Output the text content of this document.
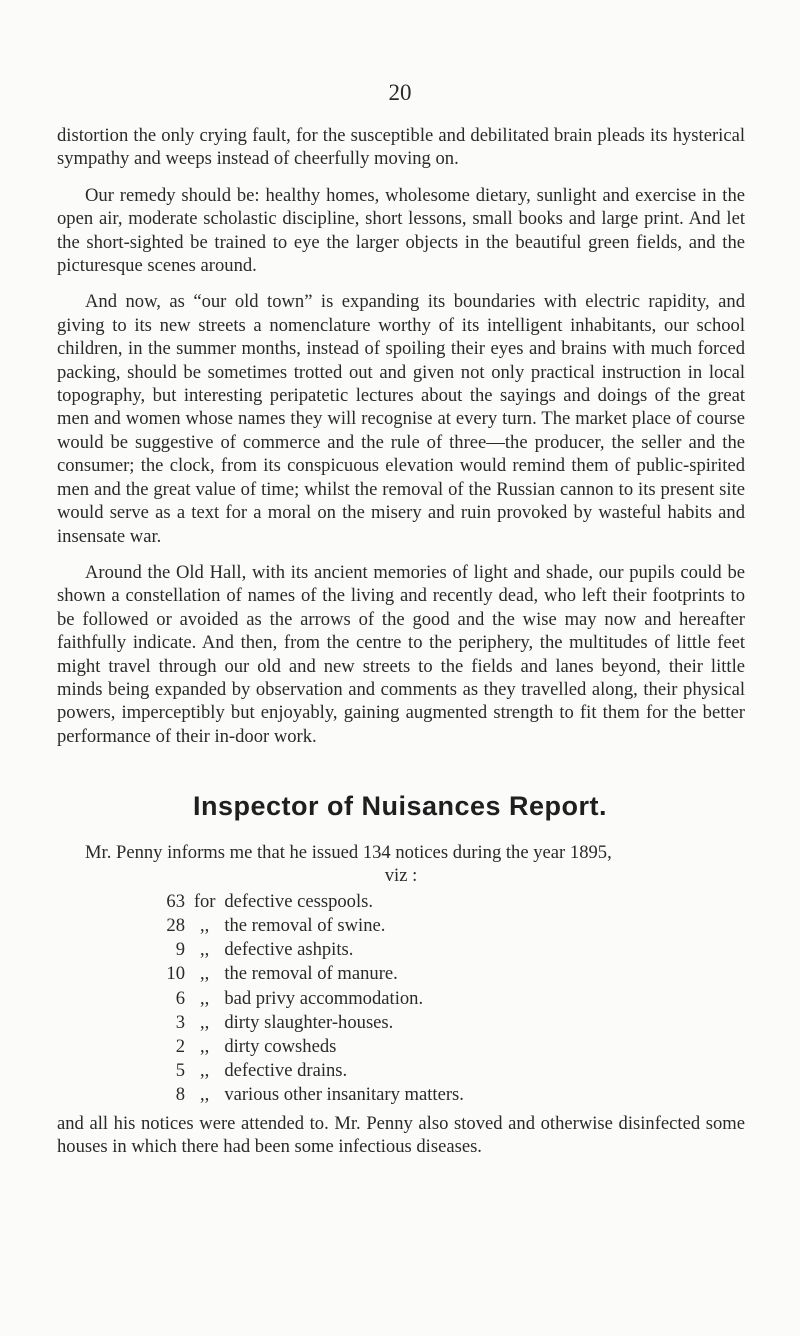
20

distortion the only crying fault, for the susceptible and debilitated brain pleads its hysterical sympathy and weeps instead of cheerfully moving on.

Our remedy should be: healthy homes, wholesome dietary, sunlight and exercise in the open air, moderate scholastic discipline, short lessons, small books and large print. And let the short-sighted be trained to eye the larger objects in the beautiful green fields, and the picturesque scenes around.

And now, as “our old town” is expanding its boundaries with electric rapidity, and giving to its new streets a nomenclature worthy of its intelligent inhabitants, our school children, in the summer months, instead of spoiling their eyes and brains with much forced packing, should be sometimes trotted out and given not only practical instruction in local topography, but interesting peripatetic lectures about the sayings and doings of the great men and women whose names they will recognise at every turn. The market place of course would be suggestive of commerce and the rule of three—the producer, the seller and the consumer; the clock, from its conspicuous elevation would remind them of public-spirited men and the great value of time; whilst the removal of the Russian cannon to its present site would serve as a text for a moral on the misery and ruin provoked by wasteful habits and insensate war.

Around the Old Hall, with its ancient memories of light and shade, our pupils could be shown a constellation of names of the living and recently dead, who left their footprints to be followed or avoided as the arrows of the good and the wise may now and hereafter faithfully indicate. And then, from the centre to the periphery, the multitudes of little feet might travel through our old and new streets to the fields and lanes beyond, their little minds being expanded by observation and comments as they travelled along, their physical powers, imperceptibly but enjoyably, gaining augmented strength to fit them for the better performance of their in-door work.

Inspector of Nuisances Report.

Mr. Penny informs me that he issued 134 notices during the year 1895,

viz :

63
for
defective cesspools.
28
,,
the removal of swine.
9
,,
defective ashpits.
10
,,
the removal of manure.
6
,,
bad privy accommodation.
3
,,
dirty slaughter-houses.
2
,,
dirty cowsheds
5
,,
defective drains.
8
,,
various other insanitary matters.

and all his notices were attended to. Mr. Penny also stoved and otherwise disinfected some houses in which there had been some infectious diseases.
